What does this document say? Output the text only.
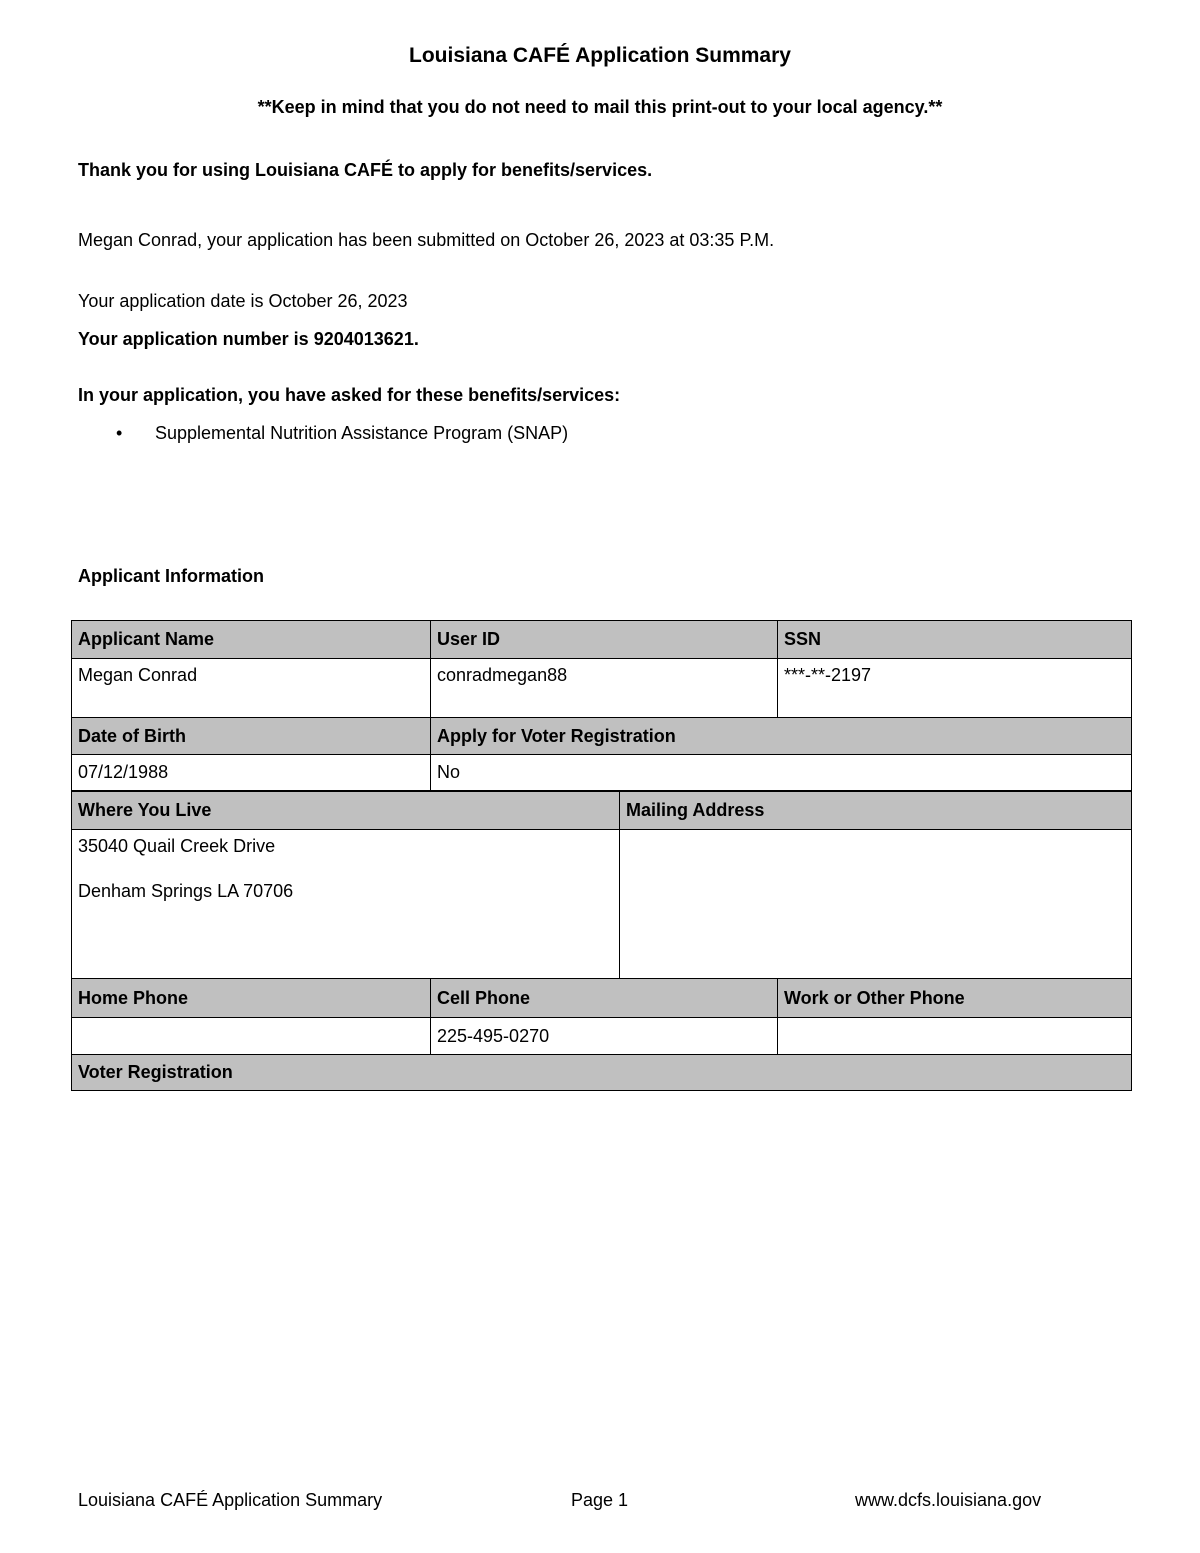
Louisiana CAFÉ Application Summary
**Keep in mind that you do not need to mail this print-out to your local agency.**
Thank you for using Louisiana CAFÉ to apply for benefits/services.
Megan Conrad, your application has been submitted on October 26, 2023 at 03:35 P.M.
Your application date is October 26, 2023
Your application number is 9204013621.
In your application, you have asked for these benefits/services:
• Supplemental Nutrition Assistance Program (SNAP)
Applicant Information
Applicant Name	User ID	SSN
Megan Conrad	conradmegan88	***-**-2197
Date of Birth	Apply for Voter Registration	
07/12/1988	No	
Where You Live	Mailing Address

35040 Quail Creek Drive
Denham Springs LA 70706	

Home Phone	Cell Phone	Work or Other Phone
	225-495-0270	
Voter Registration		
Louisiana CAFÉ Application Summary	Page 1	www.dcfs.louisiana.gov
